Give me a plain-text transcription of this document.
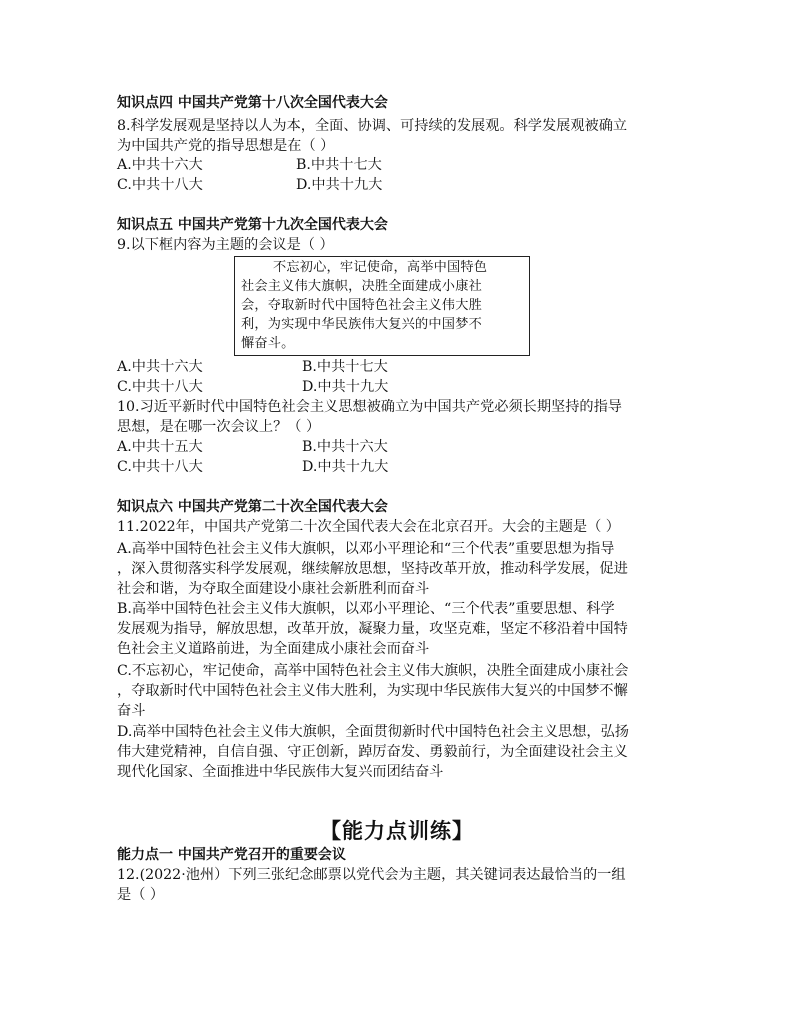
知识点四 中国共产党第十八次全国代表大会
8.科学发展观是坚持以人为本，全面、协调、可持续的发展观。科学发展观被确立
为中国共产党的指导思想是在（ ）
A.中共十六大	B.中共十七大
C.中共十八大	D.中共十九大
知识点五 中国共产党第十九次全国代表大会
9.以下框内容为主题的会议是（ ）
不忘初心，牢记使命，高举中国特色
社会主义伟大旗帜，决胜全面建成小康社
会，夺取新时代中国特色社会主义伟大胜
利，为实现中华民族伟大复兴的中国梦不
懈奋斗。
A.中共十六大	B.中共十七大
C.中共十八大	D.中共十九大
10.习近平新时代中国特色社会主义思想被确立为中国共产党必须长期坚持的指导
思想，是在哪一次会议上？（ ）
A.中共十五大	B.中共十六大
C.中共十八大	D.中共十九大
知识点六 中国共产党第二十次全国代表大会
11.2022年，中国共产党第二十次全国代表大会在北京召开。大会的主题是（ ）
A.高举中国特色社会主义伟大旗帜，以邓小平理论和“三个代表”重要思想为指导
，深入贯彻落实科学发展观，继续解放思想，坚持改革开放，推动科学发展，促进
社会和谐，为夺取全面建设小康社会新胜利而奋斗
B.高举中国特色社会主义伟大旗帜，以邓小平理论、“三个代表”重要思想、科学
发展观为指导，解放思想，改革开放，凝聚力量，攻坚克难，坚定不移沿着中国特
色社会主义道路前进，为全面建成小康社会而奋斗
C.不忘初心，牢记使命，高举中国特色社会主义伟大旗帜，决胜全面建成小康社会
，夺取新时代中国特色社会主义伟大胜利，为实现中华民族伟大复兴的中国梦不懈
奋斗
D.高举中国特色社会主义伟大旗帜，全面贯彻新时代中国特色社会主义思想，弘扬
伟大建党精神，自信自强、守正创新，踔厉奋发、勇毅前行，为全面建设社会主义
现代化国家、全面推进中华民族伟大复兴而团结奋斗
【能力点训练】
能力点一 中国共产党召开的重要会议
12.(2022·池州）下列三张纪念邮票以党代会为主题，其关键词表达最恰当的一组
是（ ）
